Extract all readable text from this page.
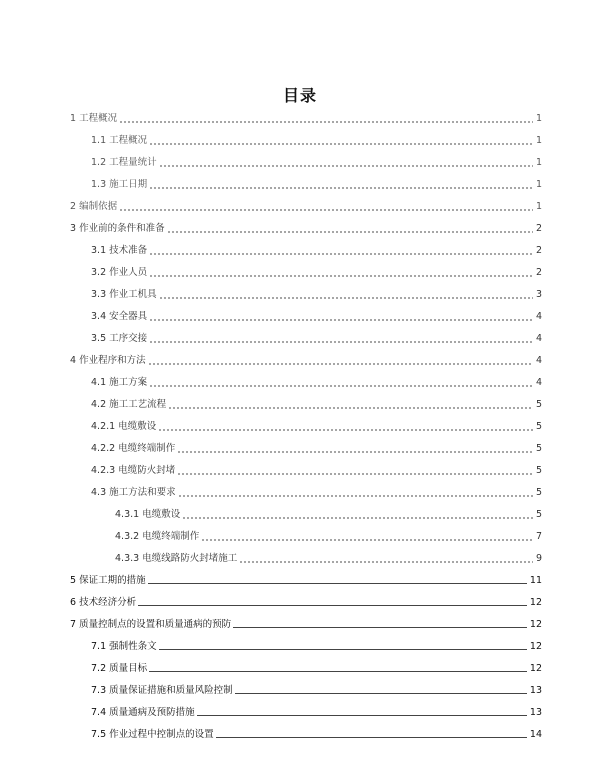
目录
1 工程概况	1
1.1 工程概况	1
1.2 工程量统计	1
1.3 施工日期	1
2 编制依据	1
3 作业前的条件和准备	2
3.1 技术准备	2
3.2 作业人员	2
3.3 作业工机具	3
3.4 安全器具	4
3.5 工序交接	4
4 作业程序和方法	4
4.1 施工方案	4
4.2 施工工艺流程	5
4.2.1 电缆敷设	5
4.2.2 电缆终端制作	5
4.2.3 电缆防火封堵	5
4.3 施工方法和要求	5
4.3.1 电缆敷设	5
4.3.2 电缆终端制作	7
4.3.3 电缆线路防火封堵施工	9
5 保证工期的措施	11
6 技术经济分析	12
7 质量控制点的设置和质量通病的预防	12
7.1 强制性条文	12
7.2 质量目标	12
7.3 质量保证措施和质量风险控制	13
7.4 质量通病及预防措施	13
7.5 作业过程中控制点的设置	14
